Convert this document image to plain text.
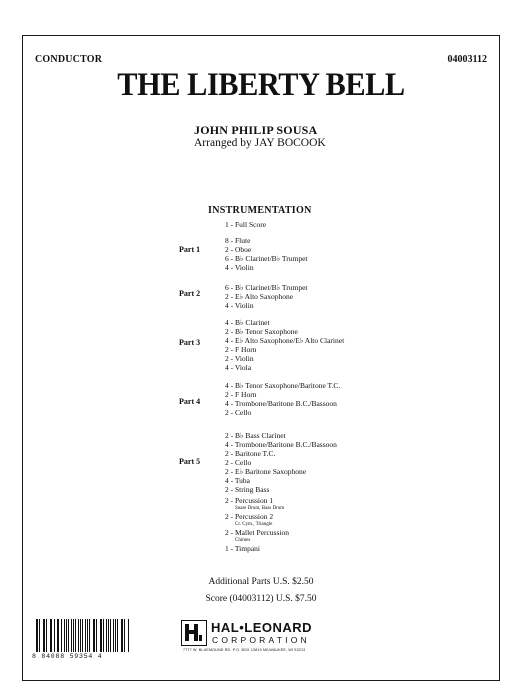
CONDUCTOR	04003112
THE LIBERTY BELL
JOHN PHILIP SOUSA
Arranged by JAY BOCOOK
INSTRUMENTATION
1 - Full Score
Part 1
8 - Flute
2 - Oboe
6 - B♭ Clarinet/B♭ Trumpet
4 - Violin
Part 2
6 - B♭ Clarinet/B♭ Trumpet
2 - E♭ Alto Saxophone
4 - Violin
Part 3
4 - B♭ Clarinet
2 - B♭ Tenor Saxophone
4 - E♭ Alto Saxophone/E♭ Alto Clarinet
2 - F Horn
2 - Violin
4 - Viola
Part 4
4 - B♭ Tenor Saxophone/Baritone T.C.
2 - F Horn
4 - Trombone/Baritone B.C./Bassoon
2 - Cello
Part 5
2 - B♭ Bass Clarinet
4 - Trombone/Baritone B.C./Bassoon
2 - Baritone T.C.
2 - Cello
2 - E♭ Baritone Saxophone
4 - Tuba
2 - String Bass
2 - Percussion 1
Snare Drum, Bass Drum
2 - Percussion 2
Cr. Cym., Triangle
2 - Mallet Percussion
Chimes
1 - Timpani
Additional Parts U.S. $2.50
Score (04003112) U.S. $7.50
8 84088 59354 4
HAL•LEONARD
CORPORATION
7777 W. BLUEMOUND RD. P.O. BOX 13819 MILWAUKEE, WI 53213
